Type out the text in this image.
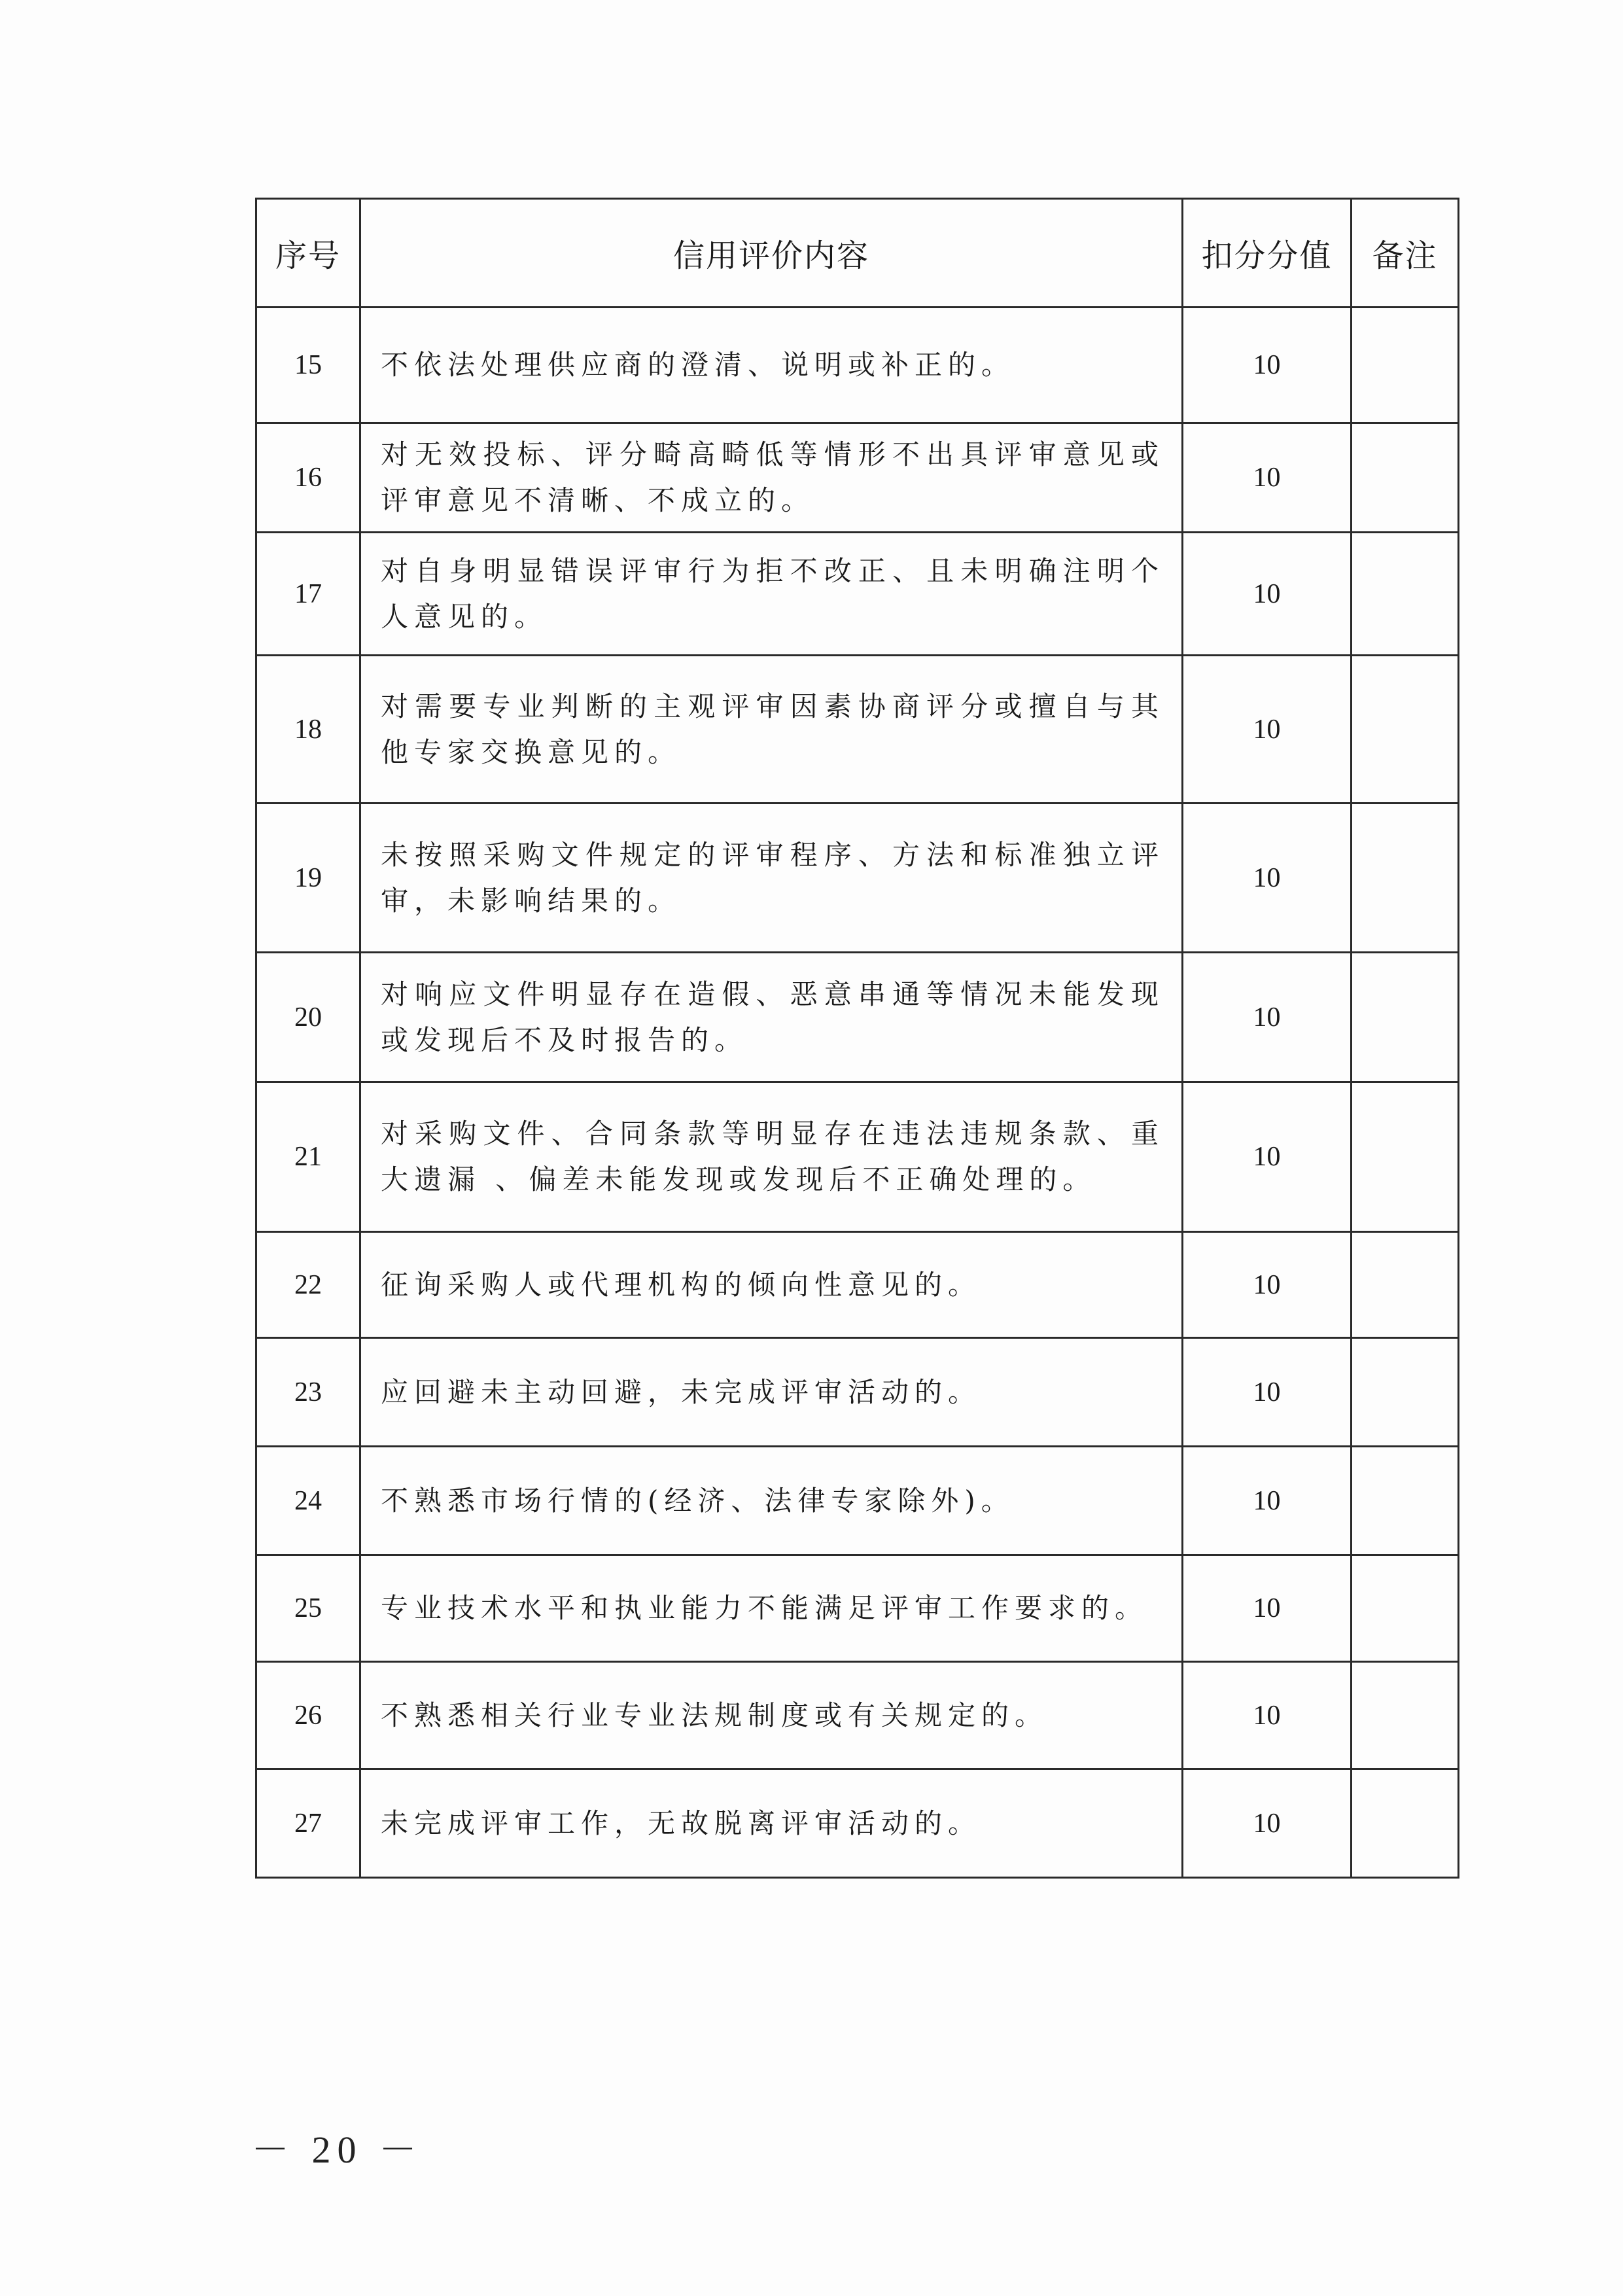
序号	信用评价内容	扣分分值	备注
15	不依法处理供应商的澄清、说明或补正的。	10	
16	对无效投标、评分畸高畸低等情形不出具评审意见或评审意见不清晰、不成立的。	10	
17	对自身明显错误评审行为拒不改正、且未明确注明个人意见的。	10	
18	对需要专业判断的主观评审因素协商评分或擅自与其他专家交换意见的。	10	
19	未按照采购文件规定的评审程序、方法和标准独立评审，未影响结果的。	10	
20	对响应文件明显存在造假、恶意串通等情况未能发现或发现后不及时报告的。	10	
21	对采购文件、合同条款等明显存在违法违规条款、重大遗漏 、偏差未能发现或发现后不正确处理的。	10	
22	征询采购人或代理机构的倾向性意见的。	10	
23	应回避未主动回避，未完成评审活动的。	10	
24	不熟悉市场行情的(经济、法律专家除外)。	10	
25	专业技术水平和执业能力不能满足评审工作要求的。	10	
26	不熟悉相关行业专业法规制度或有关规定的。	10	
27	未完成评审工作，无故脱离评审活动的。	10	
－ 20 －
